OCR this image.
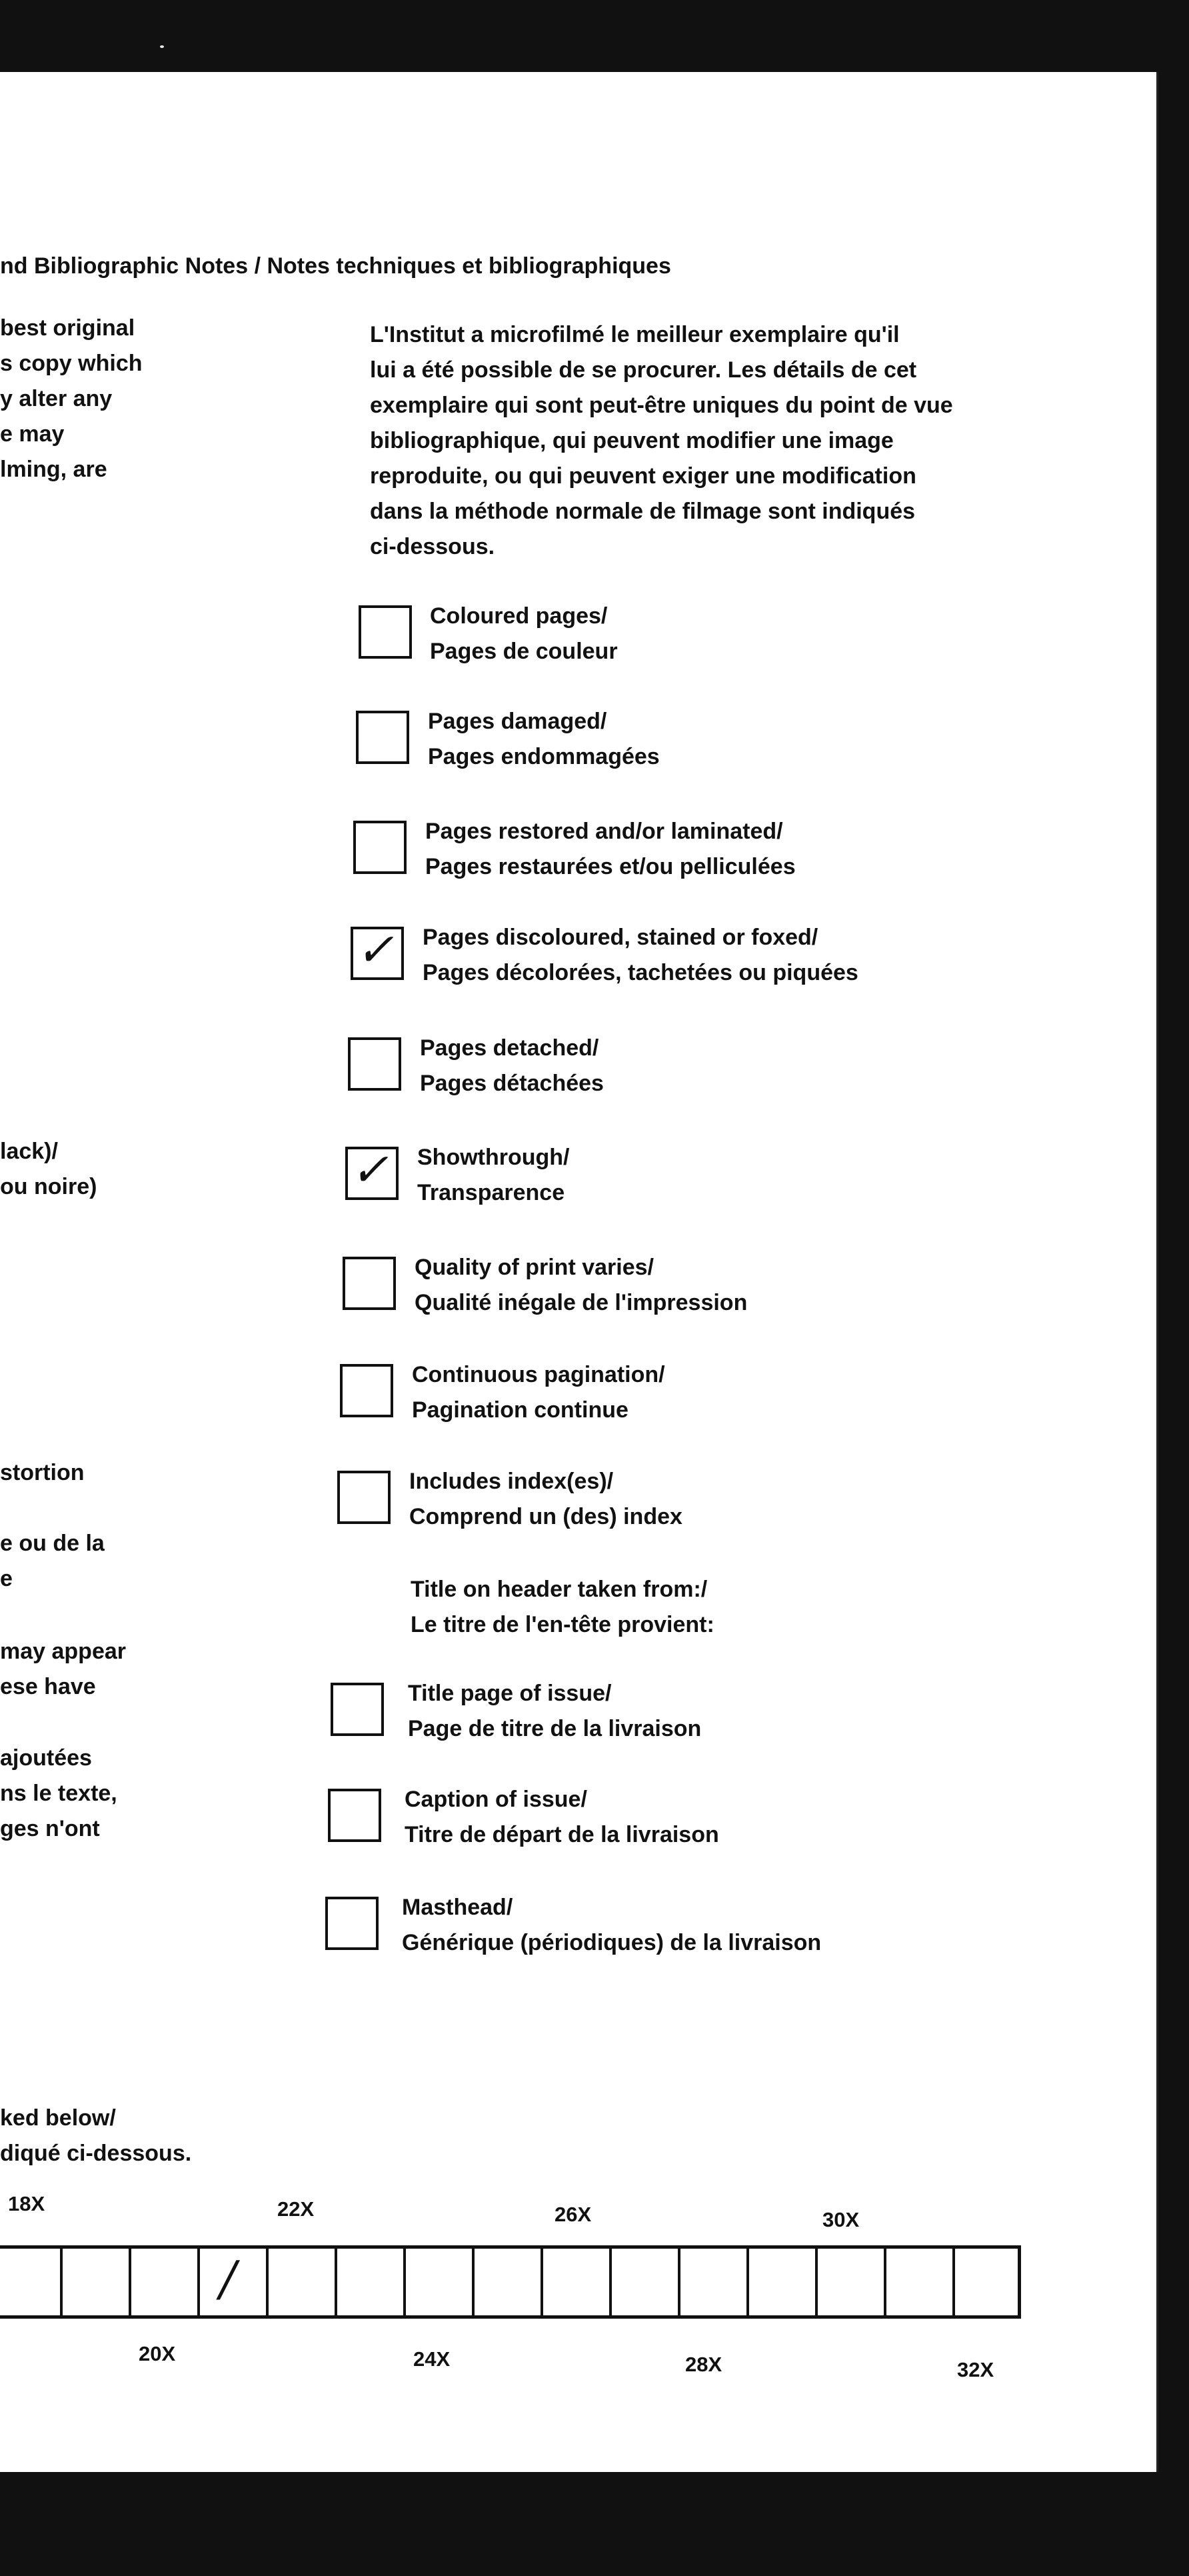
nd Bibliographic Notes / Notes techniques et bibliographiques
best original
s copy which
y alter any
e may
lming, are
lack)/
ou noire)
stortion
e ou de la
e
may appear
ese have
ajoutées
ns le texte,
ges n'ont
ked below/
diqué ci-dessous.
L'Institut a microfilmé le meilleur exemplaire qu'il
lui a été possible de se procurer. Les détails de cet
exemplaire qui sont peut-être uniques du point de vue
bibliographique, qui peuvent modifier une image
reproduite, ou qui peuvent exiger une modification
dans la méthode normale de filmage sont indiqués
ci-dessous.
Coloured pages/
Pages de couleur
Pages damaged/
Pages endommagées
Pages restored and/or laminated/
Pages restaurées et/ou pelliculées
✓ Pages discoloured, stained or foxed/
Pages décolorées, tachetées ou piquées
Pages detached/
Pages détachées
✓ Showthrough/
Transparence
Quality of print varies/
Qualité inégale de l'impression
Continuous pagination/
Pagination continue
Includes index(es)/
Comprend un (des) index
Title on header taken from:/
Le titre de l'en-tête provient:
Title page of issue/
Page de titre de la livraison
Caption of issue/
Titre de départ de la livraison
Masthead/
Générique (périodiques) de la livraison
18X	22X	26X	30X
/
20X	24X	28X	32X
